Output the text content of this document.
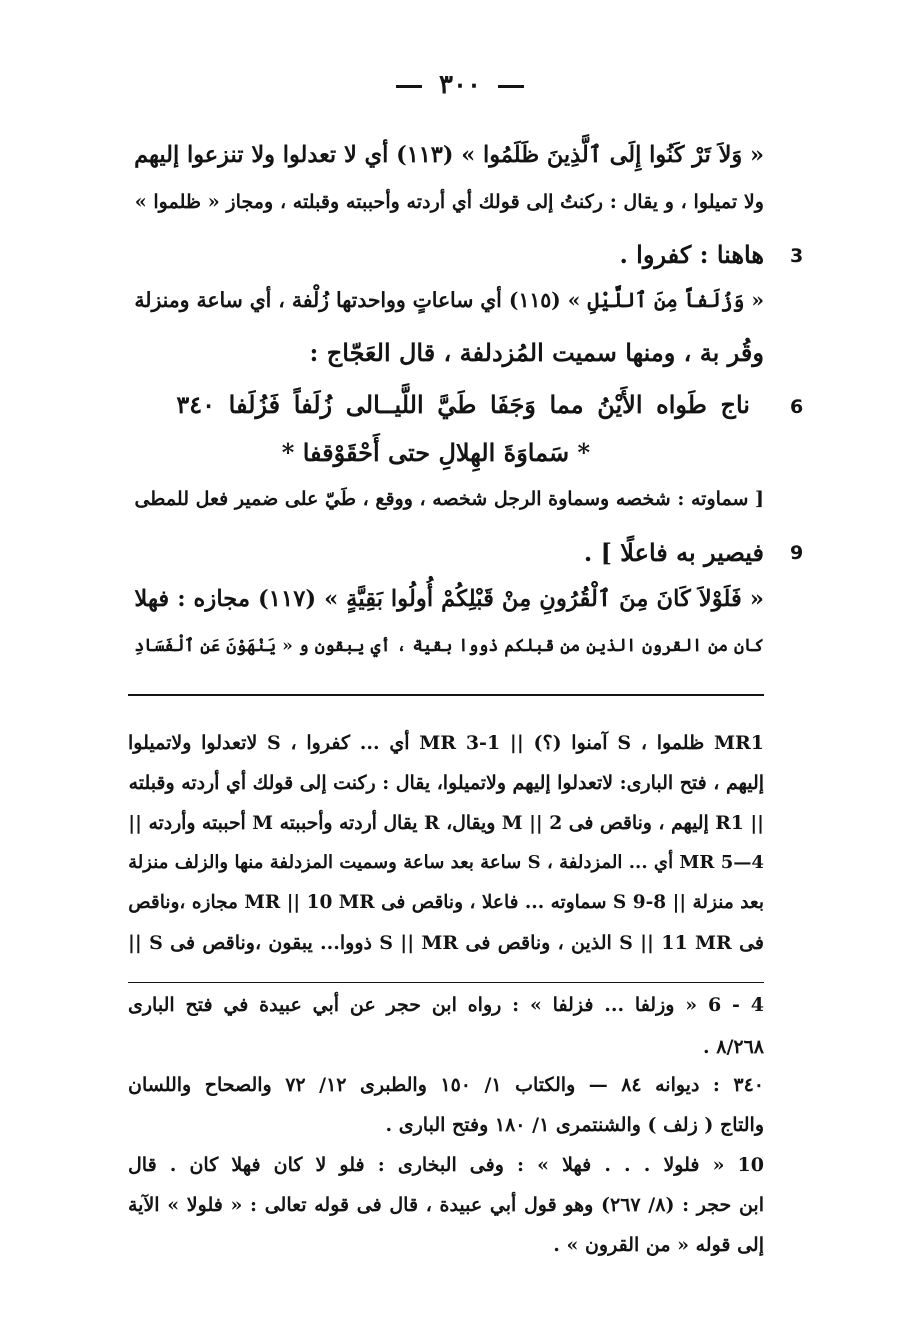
٣٠٠
« وَلاَ تَرْ كَنُوا إِلَى ٱلَّذِينَ ظَلَمُوا » (١١٣) أي لا تعدلوا ولا تنزعوا إليهم
ولا تميلوا ، و يقال : ركنتُ إلى قولك أي أردته وأحببته وقبلته ، ومجاز « ظلموا »
هاهنا : كفروا .
« وَزُلَفاً مِنَ ٱللَّيْلِ » (١١٥) أي ساعاتٍ وواحدتها زُلْفة ، أي ساعة ومنزلة
وقُر بة ، ومنها سميت المُزدلفة ، قال العَجّاج :
ناج طَواه الأَيْنُ مما وَجَفَا طَيَّ اللَّيــالى زُلَفاً فَزُلَفا ٣٤٠
* سَماوَةَ الهِلالِ حتى أَحْقَوْقفا *
[ سماوته : شخصه وسماوة الرجل شخصه ، ووقع ، طَيّ على ضمير فعل للمطى
فيصير به فاعلًا ] .
« فَلَوْلاَ كَانَ مِنَ ٱلْقُرُونِ مِنْ قَبْلِكُمْ أُولُوا بَقِيَّةٍ » (١١٧) مجازه : فهلا
كان من القرون الذين من قبلكم ذووا بقية ، أي يبقون و « يَنْهَوْنَ عَنِ ٱلْفَسَادِ
3
6
9
MR1 ظلموا ، S آمنوا (؟) || 1-3 MR أي ... كفروا ، S لاتعدلوا ولاتميلوا
إليهم ، فتح البارى: لاتعدلوا إليهم ولاتميلوا، يقال : ركنت إلى قولك أي أردته وقبلته
|| R1 إليهم ، وناقص فى M || 2 ويقال، R يقال أردته وأحببته M أحببته وأردته ||
4—5 MR أي ... المزدلفة ، S ساعة بعد ساعة وسميت المزدلفة منها والزلف منزلة
بعد منزلة || 8-9 S سماوته ... فاعلا ، وناقص فى MR || 10 MR مجازه ،وناقص
فى S || 11 MR الذين ، وناقص فى S || MR ذووا... يبقون ،وناقص فى S ||
4 - 6 « وزلفا ... فزلفا » : رواه ابن حجر عن أبي عبيدة في فتح البارى
٨/٢٦٨ .
٣٤٠ : ديوانه ٨٤ — والكتاب ١/ ١٥٠ والطبرى ١٢/ ٧٢ والصحاح واللسان
والتاج ( زلف ) والشنتمرى ١/ ١٨٠ وفتح البارى .
10 « فلولا . . . فهلا » : وفى البخارى : فلو لا كان فهلا كان . قال
ابن حجر : (٨/ ٢٦٧) وهو قول أبي عبيدة ، قال فى قوله تعالى : « فلولا » الآية
إلى قوله « من القرون » .
